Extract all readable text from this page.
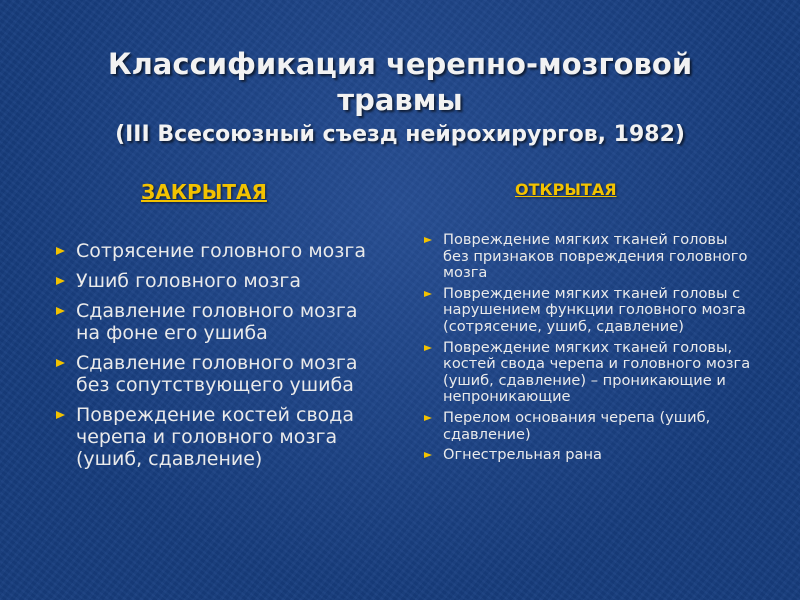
Классификация черепно-мозговой
травмы
(III Всесоюзный съезд нейрохирургов, 1982)
ЗАКРЫТАЯ	ОТКРЫТАЯ
Сотрясение головного мозга
Ушиб головного мозга
Сдавление головного мозга на фоне его ушиба
Сдавление головного мозга без сопутствующего ушиба
Повреждение костей свода черепа и головного мозга (ушиб, сдавление)
Повреждение мягких тканей головы без признаков повреждения головного мозга
Повреждение мягких тканей головы с нарушением функции головного мозга (сотрясение, ушиб, сдавление)
Повреждение мягких тканей головы, костей свода черепа и головного мозга (ушиб, сдавление) – проникающие и непроникающие
Перелом основания черепа (ушиб, сдавление)
Огнестрельная рана
